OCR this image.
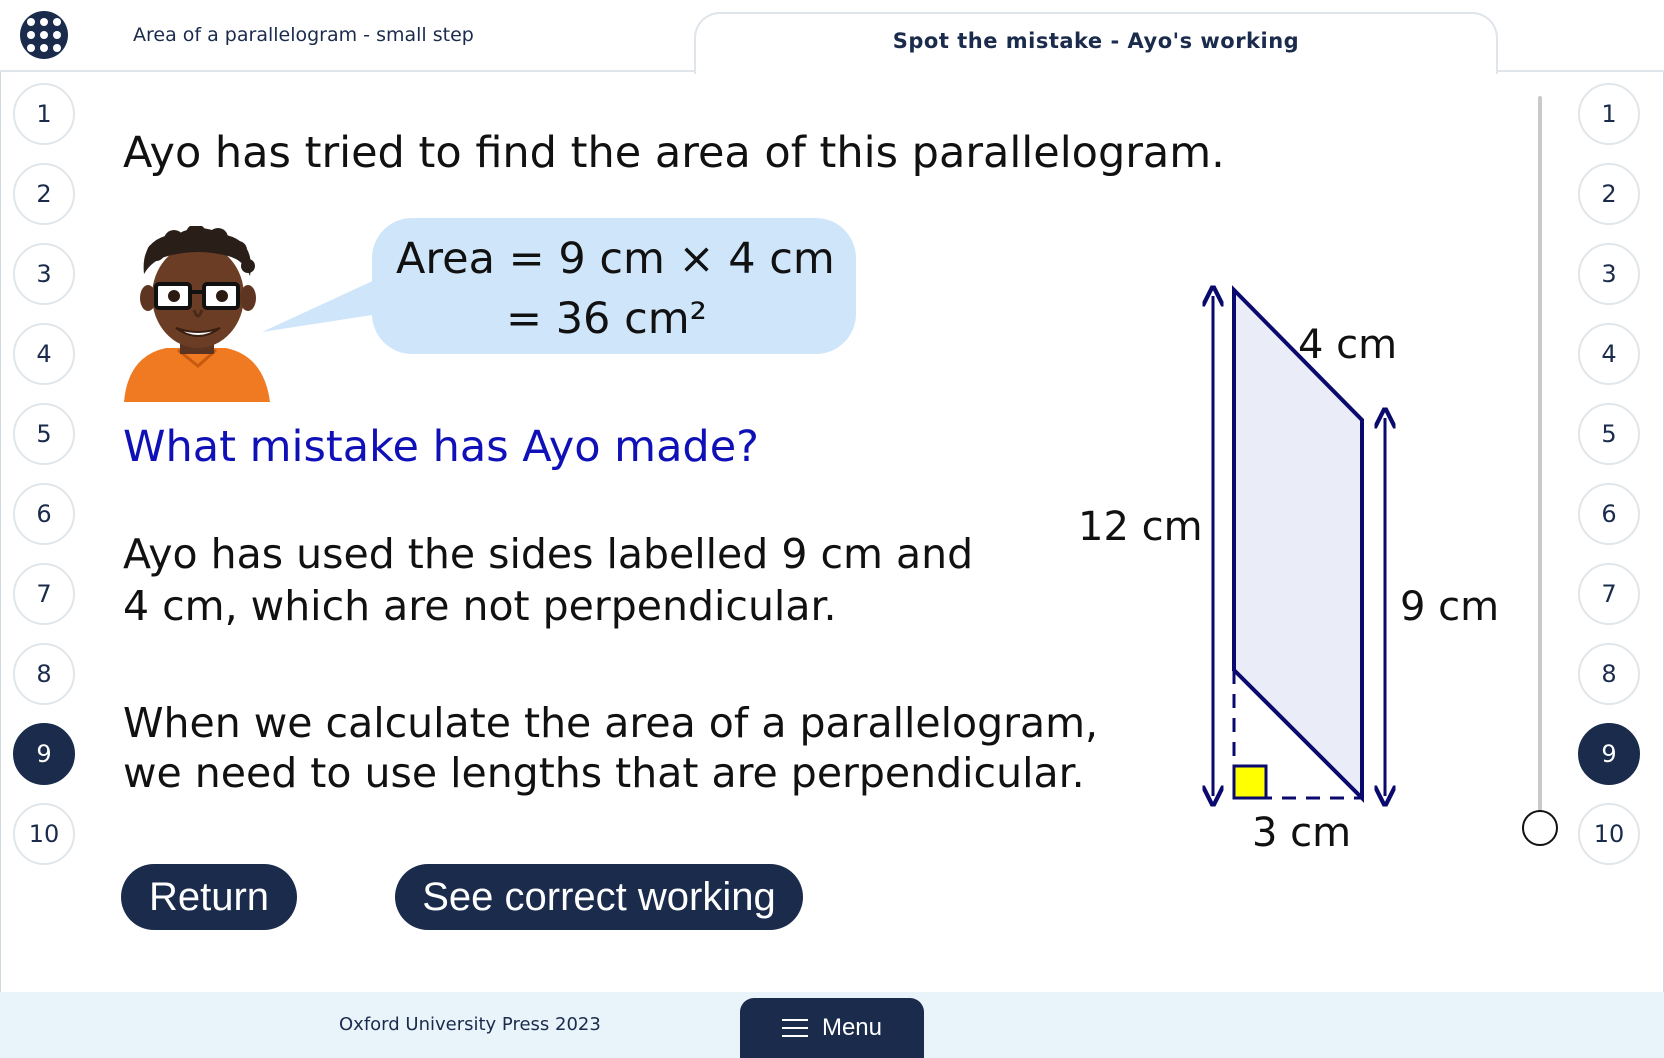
Area of a parallelogram - small step	Spot the mistake - Ayo's working
1
2
3
4
5
6
7
8
9
10
1
2
3
4
5
6
7
8
9
10
Ayo has tried to find the area of this parallelogram.
Area = 9 cm × 4 cm
= 36 cm²
What mistake has Ayo made?
Ayo has used the sides labelled 9 cm and
4 cm, which are not perpendicular.
When we calculate the area of a parallelogram,
we need to use lengths that are perpendicular.
Return	See correct working
4 cm
12 cm
9 cm
3 cm
Oxford University Press 2023	Menu
